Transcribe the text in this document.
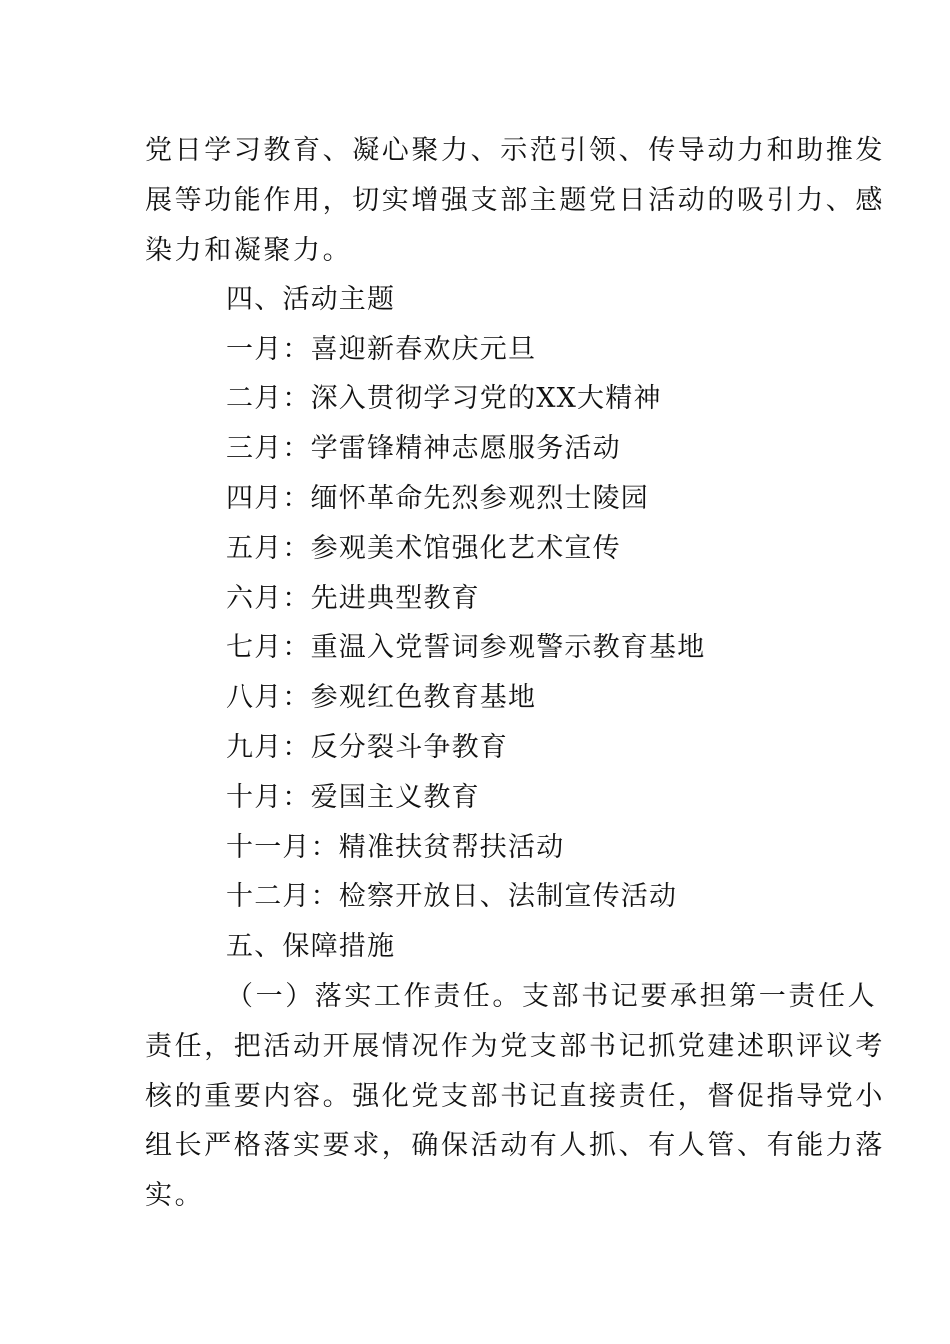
党日学习教育、凝心聚力、示范引领、传导动力和助推发
展等功能作用，切实增强支部主题党日活动的吸引力、感
染力和凝聚力。
四、活动主题
一月：喜迎新春欢庆元旦
二月：深入贯彻学习党的XX大精神
三月：学雷锋精神志愿服务活动
四月：缅怀革命先烈参观烈士陵园
五月：参观美术馆强化艺术宣传
六月：先进典型教育
七月：重温入党誓词参观警示教育基地
八月：参观红色教育基地
九月：反分裂斗争教育
十月：爱国主义教育
十一月：精准扶贫帮扶活动
十二月：检察开放日、法制宣传活动
五、保障措施
（一）落实工作责任。支部书记要承担第一责任人
责任，把活动开展情况作为党支部书记抓党建述职评议考
核的重要内容。强化党支部书记直接责任，督促指导党小
组长严格落实要求，确保活动有人抓、有人管、有能力落
实。
